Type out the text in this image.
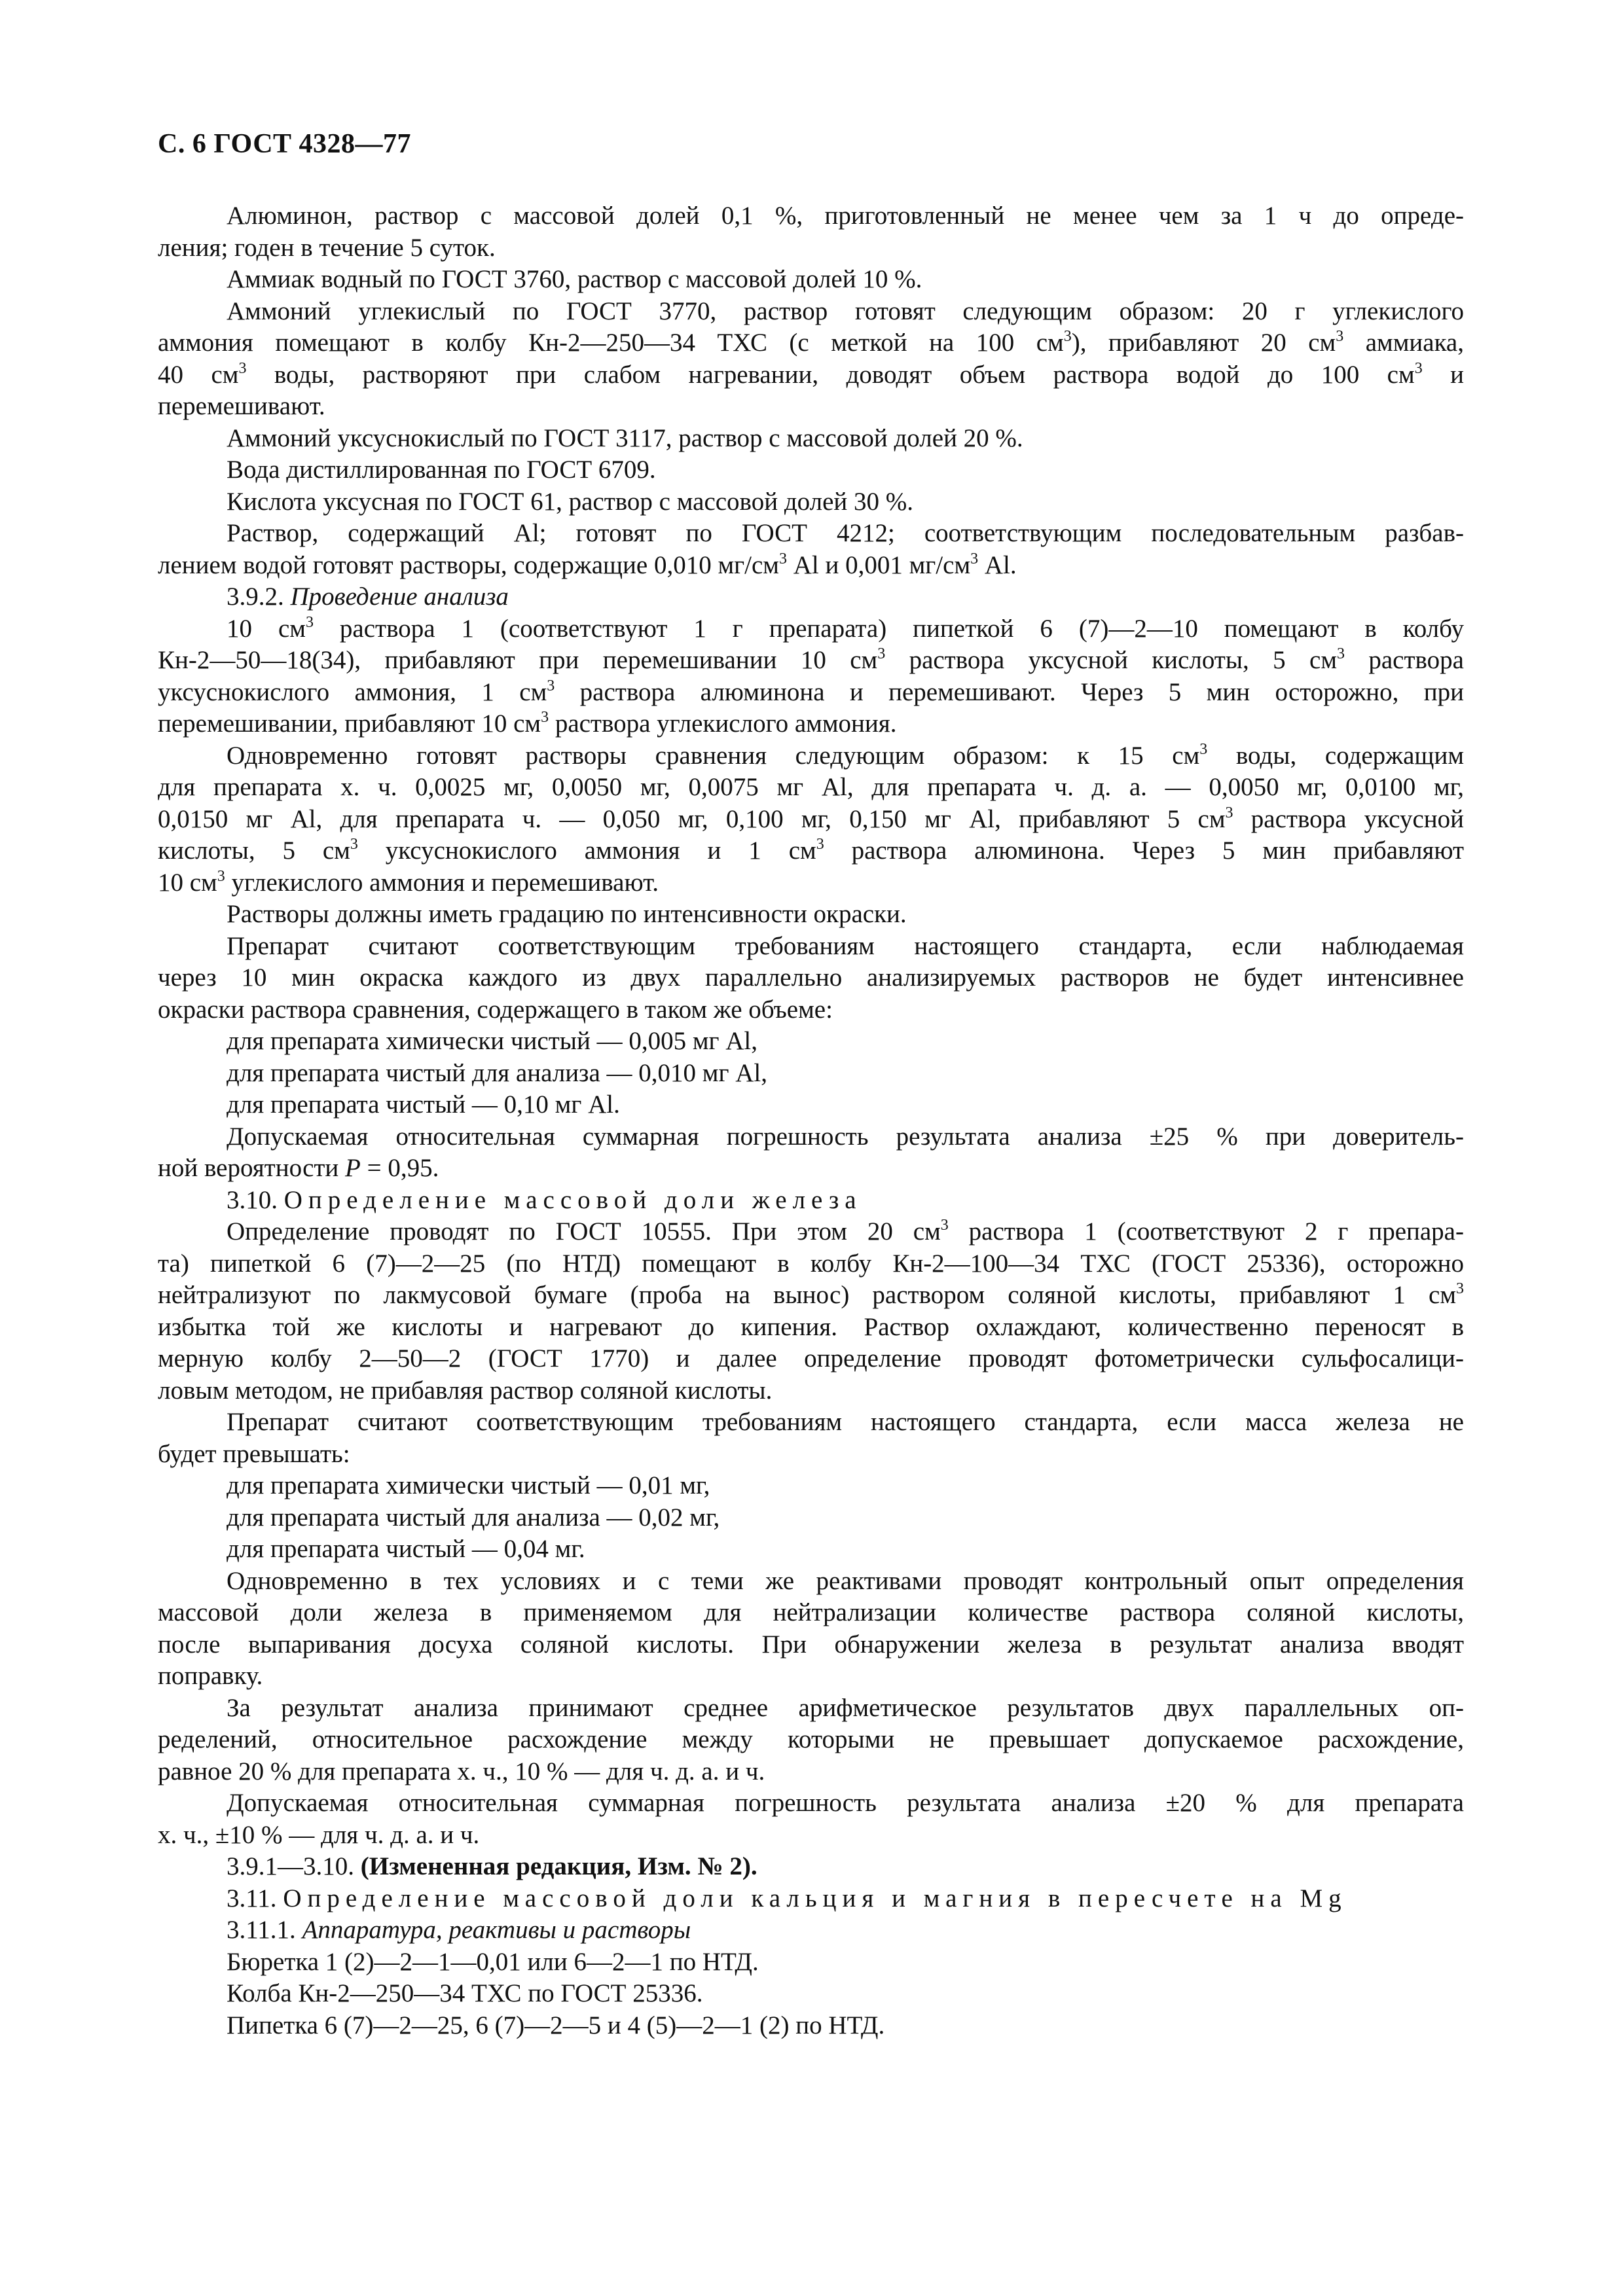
С. 6 ГОСТ 4328—77
Алюминон, раствор с массовой долей 0,1 %, приготовленный не менее чем за 1 ч до опреде-
ления; годен в течение 5 суток.
Аммиак водный по ГОСТ 3760, раствор с массовой долей 10 %.
Аммоний углекислый по ГОСТ 3770, раствор готовят следующим образом: 20 г углекислого
аммония помещают в колбу Кн-2—250—34 ТХС (с меткой на 100 $см^3$), прибавляют 20 $см^3$ аммиака,
40 $см^3$ воды, растворяют при слабом нагревании, доводят объем раствора водой до 100 $см^3$ и
перемешивают.
Аммоний уксуснокислый по ГОСТ 3117, раствор с массовой долей 20 %.
Вода дистиллированная по ГОСТ 6709.
Кислота уксусная по ГОСТ 61, раствор с массовой долей 30 %.
Раствор, содержащий Al; готовят по ГОСТ 4212; соответствующим последовательным разбав-
лением водой готовят растворы, содержащие 0,010 $мг/см^3$ Al и 0,001 $мг/см^3$ Al.
3.9.2. Проведение анализа
10 $см^3$ раствора 1 (соответствуют 1 г препарата) пипеткой 6 (7)—2—10 помещают в колбу
Кн-2—50—18(34), прибавляют при перемешивании 10 $см^3$ раствора уксусной кислоты, 5 $см^3$ раствора
уксуснокислого аммония, 1 $см^3$ раствора алюминона и перемешивают. Через 5 мин осторожно, при
перемешивании, прибавляют 10 $см^3$ раствора углекислого аммония.
Одновременно готовят растворы сравнения следующим образом: к 15 $см^3$ воды, содержащим
для препарата х. ч. 0,0025 мг, 0,0050 мг, 0,0075 мг Al, для препарата ч. д. а. — 0,0050 мг, 0,0100 мг,
0,0150 мг Al, для препарата ч. — 0,050 мг, 0,100 мг, 0,150 мг Al, прибавляют 5 $см^3$ раствора уксусной
кислоты, 5 $см^3$ уксуснокислого аммония и 1 $см^3$ раствора алюминона. Через 5 мин прибавляют
10 $см^3$ углекислого аммония и перемешивают.
Растворы должны иметь градацию по интенсивности окраски.
Препарат считают соответствующим требованиям настоящего стандарта, если наблюдаемая
через 10 мин окраска каждого из двух параллельно анализируемых растворов не будет интенсивнее
окраски раствора сравнения, содержащего в таком же объеме:
для препарата химически чистый — 0,005 мг Al,
для препарата чистый для анализа — 0,010 мг Al,
для препарата чистый — 0,10 мг Al.
Допускаемая относительная суммарная погрешность результата анализа ±25 % при доверитель-
ной вероятности P = 0,95.
3.10. Определение массовой доли железа
Определение проводят по ГОСТ 10555. При этом 20 $см^3$ раствора 1 (соответствуют 2 г препара-
та) пипеткой 6 (7)—2—25 (по НТД) помещают в колбу Кн-2—100—34 ТХС (ГОСТ 25336), осторожно
нейтрализуют по лакмусовой бумаге (проба на вынос) раствором соляной кислоты, прибавляют 1 $см^3$
избытка той же кислоты и нагревают до кипения. Раствор охлаждают, количественно переносят в
мерную колбу 2—50—2 (ГОСТ 1770) и далее определение проводят фотометрически сульфосалици-
ловым методом, не прибавляя раствор соляной кислоты.
Препарат считают соответствующим требованиям настоящего стандарта, если масса железа не
будет превышать:
для препарата химически чистый — 0,01 мг,
для препарата чистый для анализа — 0,02 мг,
для препарата чистый — 0,04 мг.
Одновременно в тех условиях и с теми же реактивами проводят контрольный опыт определения
массовой доли железа в применяемом для нейтрализации количестве раствора соляной кислоты,
после выпаривания досуха соляной кислоты. При обнаружении железа в результат анализа вводят
поправку.
За результат анализа принимают среднее арифметическое результатов двух параллельных оп-
ределений, относительное расхождение между которыми не превышает допускаемое расхождение,
равное 20 % для препарата х. ч., 10 % — для ч. д. а. и ч.
Допускаемая относительная суммарная погрешность результата анализа ±20 % для препарата
х. ч., ±10 % — для ч. д. а. и ч.
3.9.1—3.10. (Измененная редакция, Изм. № 2).
3.11. Определение массовой доли кальция и магния в пересчете на Mg
3.11.1. Аппаратура, реактивы и растворы
Бюретка 1 (2)—2—1—0,01 или 6—2—1 по НТД.
Колба Кн-2—250—34 ТХС по ГОСТ 25336.
Пипетка 6 (7)—2—25, 6 (7)—2—5 и 4 (5)—2—1 (2) по НТД.
